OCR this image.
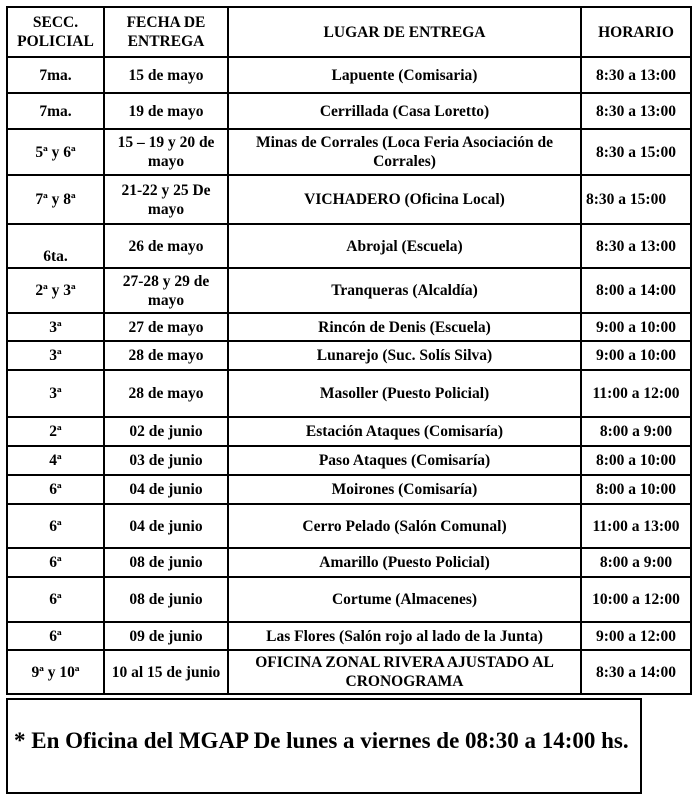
SECC. POLICIAL	FECHA DE ENTREGA	LUGAR DE ENTREGA	HORARIO
7ma.	15 de mayo	Lapuente (Comisaria)	8:30 a 13:00
7ma.	19 de mayo	Cerrillada (Casa Loretto)	8:30 a 13:00
5ª y 6ª	15 – 19 y 20 de mayo	Minas de Corrales (Loca Feria Asociación de Corrales)	8:30 a 15:00
7ª y 8ª	21-22 y 25 De mayo	VICHADERO (Oficina Local)	8:30 a 15:00
6ta.	26 de mayo	Abrojal (Escuela)	8:30 a 13:00
2ª y 3ª	27-28 y 29 de mayo	Tranqueras (Alcaldía)	8:00 a 14:00
3ª	27 de mayo	Rincón de Denis (Escuela)	9:00 a 10:00
3ª	28 de mayo	Lunarejo (Suc. Solís Silva)	9:00 a 10:00
3ª	28 de mayo	Masoller (Puesto Policial)	11:00 a 12:00
2ª	02 de junio	Estación Ataques (Comisaría)	8:00 a 9:00
4ª	03 de junio	Paso Ataques (Comisaría)	8:00 a 10:00
6ª	04 de junio	Moirones (Comisaría)	8:00 a 10:00
6ª	04 de junio	Cerro Pelado (Salón Comunal)	11:00 a 13:00
6ª	08 de junio	Amarillo (Puesto Policial)	8:00 a 9:00
6ª	08 de junio	Cortume (Almacenes)	10:00 a 12:00
6ª	09 de junio	Las Flores (Salón rojo al lado de la Junta)	9:00 a 12:00
9ª y 10ª	10 al 15 de junio	OFICINA ZONAL RIVERA AJUSTADO AL CRONOGRAMA	8:30 a 14:00
* En Oficina del MGAP De lunes a viernes de 08:30 a 14:00 hs.
